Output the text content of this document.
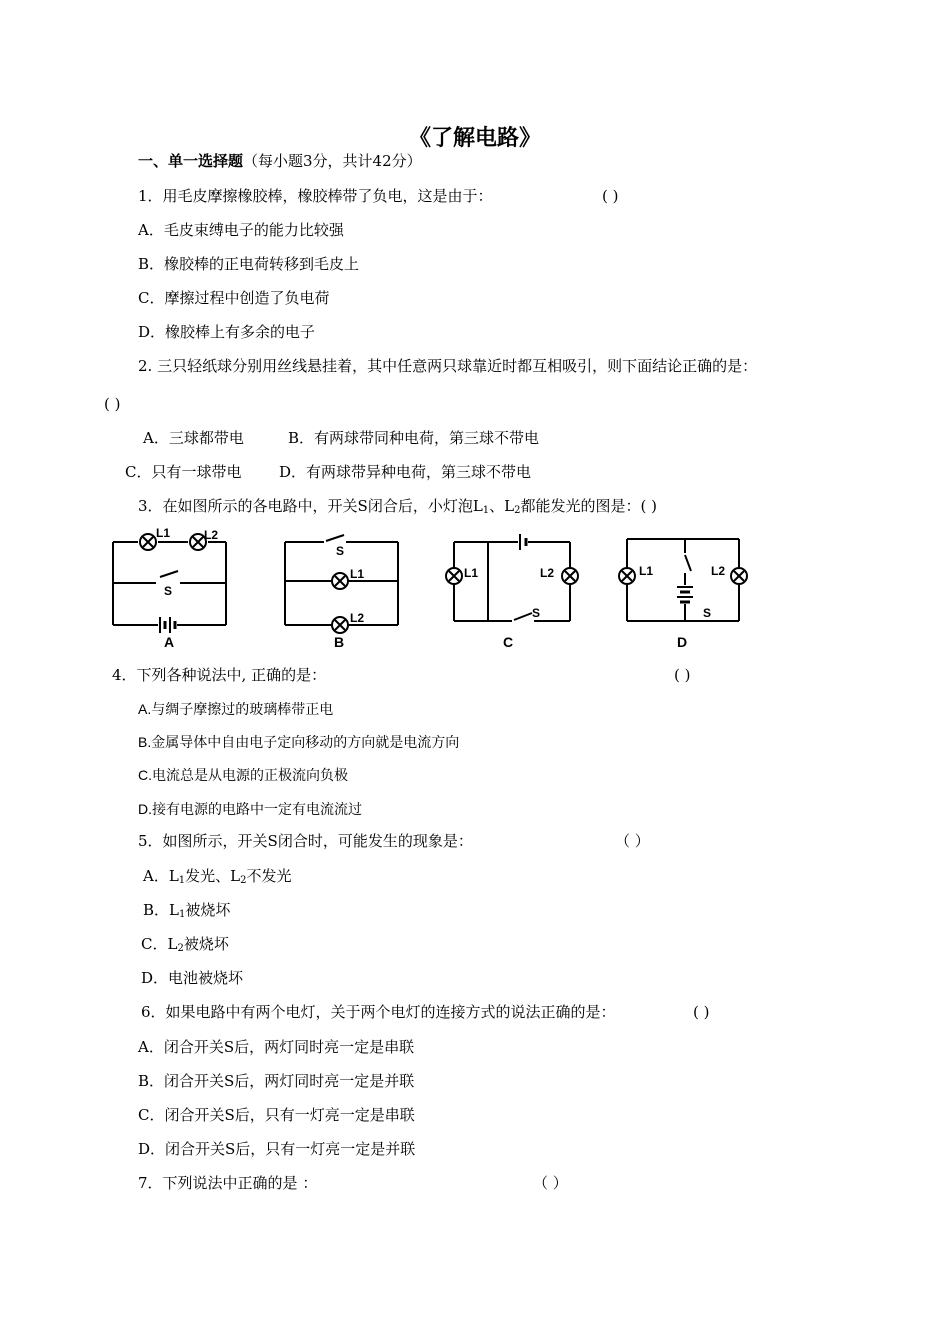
《了解电路》
一、单一选择题（每小题3分，共计42分）
1．用毛皮摩擦橡胶棒，橡胶棒带了负电，这是由于：	( )
A．毛皮束缚电子的能力比较强
B．橡胶棒的正电荷转移到毛皮上
C．摩擦过程中创造了负电荷
D．橡胶棒上有多余的电子
2. 三只轻纸球分别用丝线悬挂着，其中任意两只球靠近时都互相吸引，则下面结论正确的是：
( )
A．三球都带电	B．有两球带同种电荷，第三球不带电
C．只有一球带电	D．有两球带异种电荷，第三球不带电
3．在如图所示的各电路中，开关S闭合后，小灯泡$L_1$、$L_2$都能发光的图是：( )
L1	L2
S
A
S
L1
L2
B
L1	L2
S
C
L1	L2
S
D
4．下列各种说法中, 正确的是：	( )
A.与绸子摩擦过的玻璃棒带正电
B.金属导体中自由电子定向移动的方向就是电流方向
C.电流总是从电源的正极流向负极
D.接有电源的电路中一定有电流流过
5．如图所示，开关S闭合时，可能发生的现象是：	（ ）
A．$L_1$发光、$L_2$不发光
B．$L_1$被烧坏
C．$L_2$被烧坏
D．电池被烧坏
6．如果电路中有两个电灯，关于两个电灯的连接方式的说法正确的是：	( )
A．闭合开关S后，两灯同时亮一定是串联
B．闭合开关S后，两灯同时亮一定是并联
C．闭合开关S后，只有一灯亮一定是串联
D．闭合开关S后，只有一灯亮一定是并联
7．下列说法中正确的是 ：	（ ）
